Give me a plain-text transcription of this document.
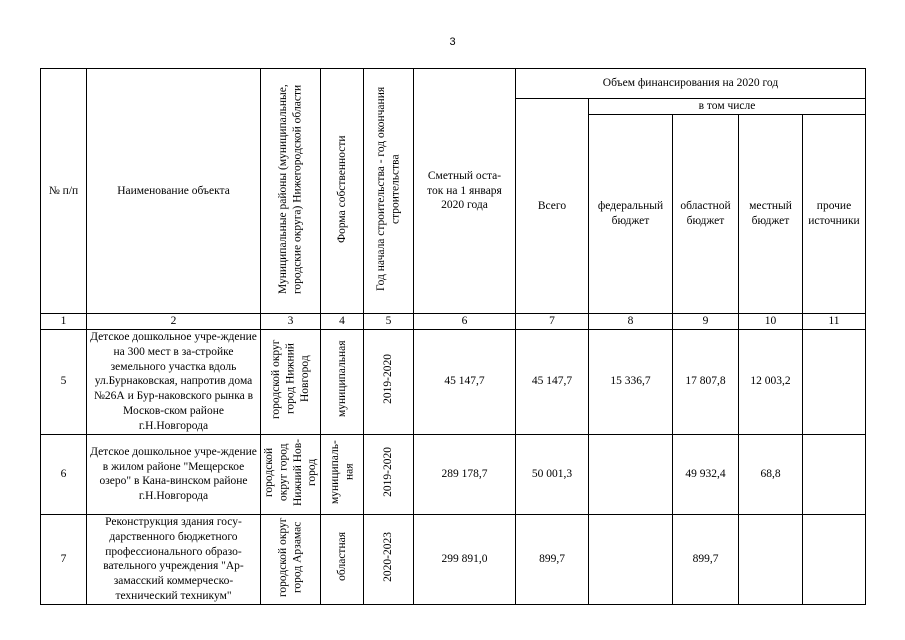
3
№ п/п	Наименование объекта	Муниципальные районы (муниципальные, городские округа) Нижегородской области	Форма собственности	Год начала строительства - год окончания строительства	Сметный оста-ток на 1 января 2020 года	Объем финансирования на 2020 год				
						Всего	в том числе			
							федеральный бюджет	областной бюджет	местный бюджет	прочие источники
1	2	3	4	5	6	7	8	9	10	11
5	Детское дошкольное учре-ждение на 300 мест в за-стройке земельного участка вдоль ул.Бурнаковская, напротив дома №26А и Бур-наковского рынка в Москов-ском районе г.Н.Новгорода	городской округ город Нижний Новгород	муниципальная	2019-2020	45 147,7	45 147,7	15 336,7	17 807,8	12 003,2	
6	Детское дошкольное учре-ждение в жилом районе "Мещерское озеро" в Кана-винском районе г.Н.Новгорода	городской округ город Нижний Нов-город	муниципаль-ная	2019-2020	289 178,7	50 001,3		49 932,4	68,8	
7	Реконструкция здания госу-дарственного бюджетного профессионального образо-вательного учреждения "Ар-замасский коммерческо-технический техникум"	городской округ город Арзамас	областная	2020-2023	299 891,0	899,7		899,7		
